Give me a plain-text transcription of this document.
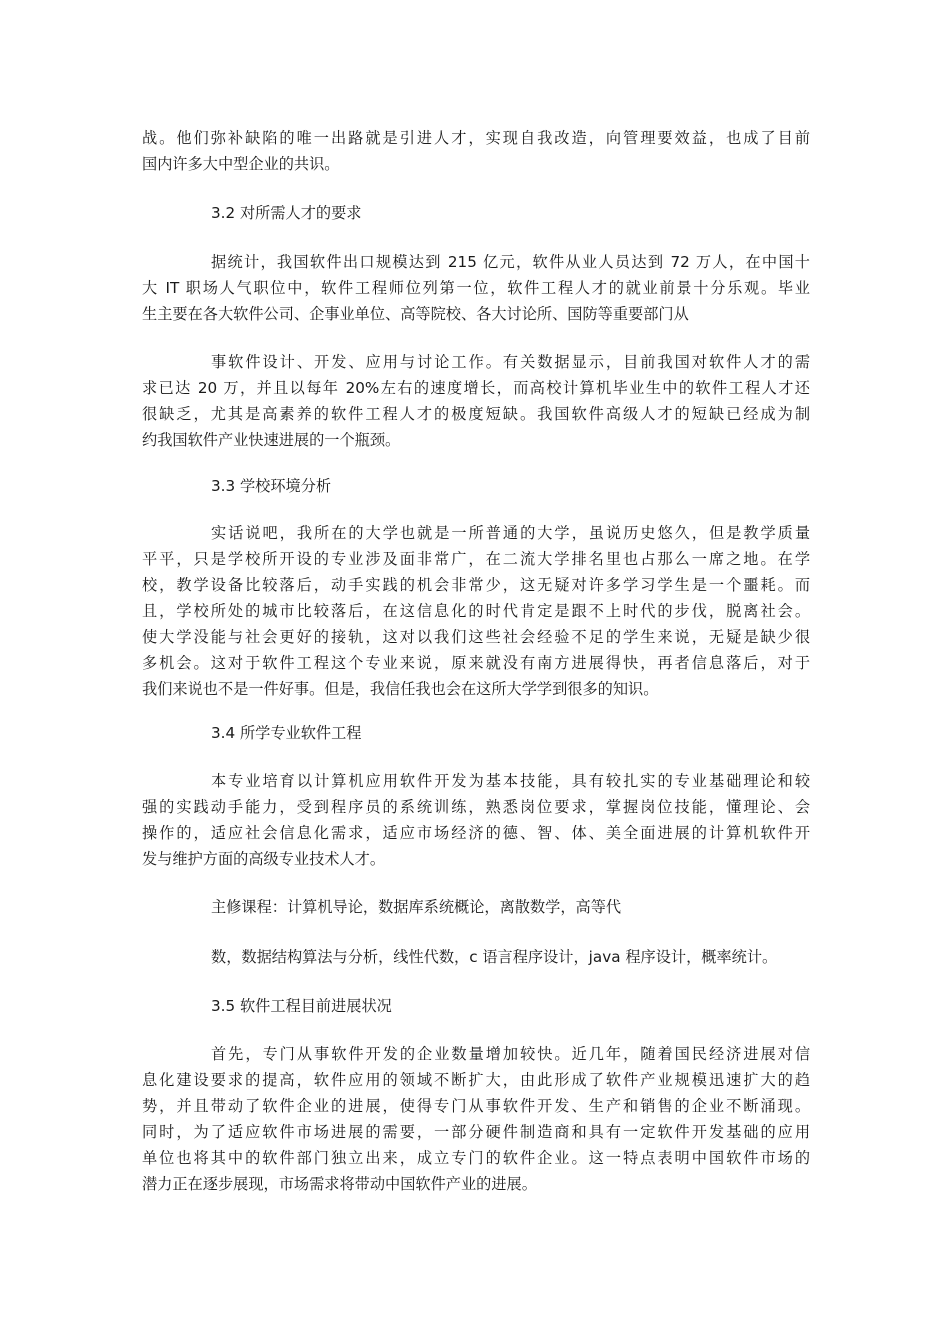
战。他们弥补缺陷的唯一出路就是引进人才，实现自我改造，向管理要效益，也成了目前
国内许多大中型企业的共识。
3.2 对所需人才的要求
据统计，我国软件出口规模达到 215 亿元，软件从业人员达到 72 万人，在中国十
大 IT 职场人气职位中，软件工程师位列第一位，软件工程人才的就业前景十分乐观。毕业
生主要在各大软件公司、企事业单位、高等院校、各大讨论所、国防等重要部门从
事软件设计、开发、应用与讨论工作。有关数据显示，目前我国对软件人才的需
求已达 20 万，并且以每年 20%左右的速度增长，而高校计算机毕业生中的软件工程人才还
很缺乏，尤其是高素养的软件工程人才的极度短缺。我国软件高级人才的短缺已经成为制
约我国软件产业快速进展的一个瓶颈。
3.3 学校环境分析
实话说吧，我所在的大学也就是一所普通的大学，虽说历史悠久，但是教学质量
平平，只是学校所开设的专业涉及面非常广，在二流大学排名里也占那么一席之地。在学
校，教学设备比较落后，动手实践的机会非常少，这无疑对许多学习学生是一个噩耗。而
且，学校所处的城市比较落后，在这信息化的时代肯定是跟不上时代的步伐，脱离社会。
使大学没能与社会更好的接轨，这对以我们这些社会经验不足的学生来说，无疑是缺少很
多机会。这对于软件工程这个专业来说，原来就没有南方进展得快，再者信息落后，对于
我们来说也不是一件好事。但是，我信任我也会在这所大学学到很多的知识。
3.4 所学专业软件工程
本专业培育以计算机应用软件开发为基本技能，具有较扎实的专业基础理论和较
强的实践动手能力，受到程序员的系统训练，熟悉岗位要求，掌握岗位技能，懂理论、会
操作的，适应社会信息化需求，适应市场经济的德、智、体、美全面进展的计算机软件开
发与维护方面的高级专业技术人才。

主修课程：计算机导论，数据库系统概论，离散数学，高等代

数，数据结构算法与分析，线性代数，c 语言程序设计，java 程序设计，概率统计。

3.5 软件工程目前进展状况
首先，专门从事软件开发的企业数量增加较快。近几年，随着国民经济进展对信
息化建设要求的提高，软件应用的领域不断扩大，由此形成了软件产业规模迅速扩大的趋
势，并且带动了软件企业的进展，使得专门从事软件开发、生产和销售的企业不断涌现。
同时，为了适应软件市场进展的需要，一部分硬件制造商和具有一定软件开发基础的应用
单位也将其中的软件部门独立出来，成立专门的软件企业。这一特点表明中国软件市场的
潜力正在逐步展现，市场需求将带动中国软件产业的进展。
